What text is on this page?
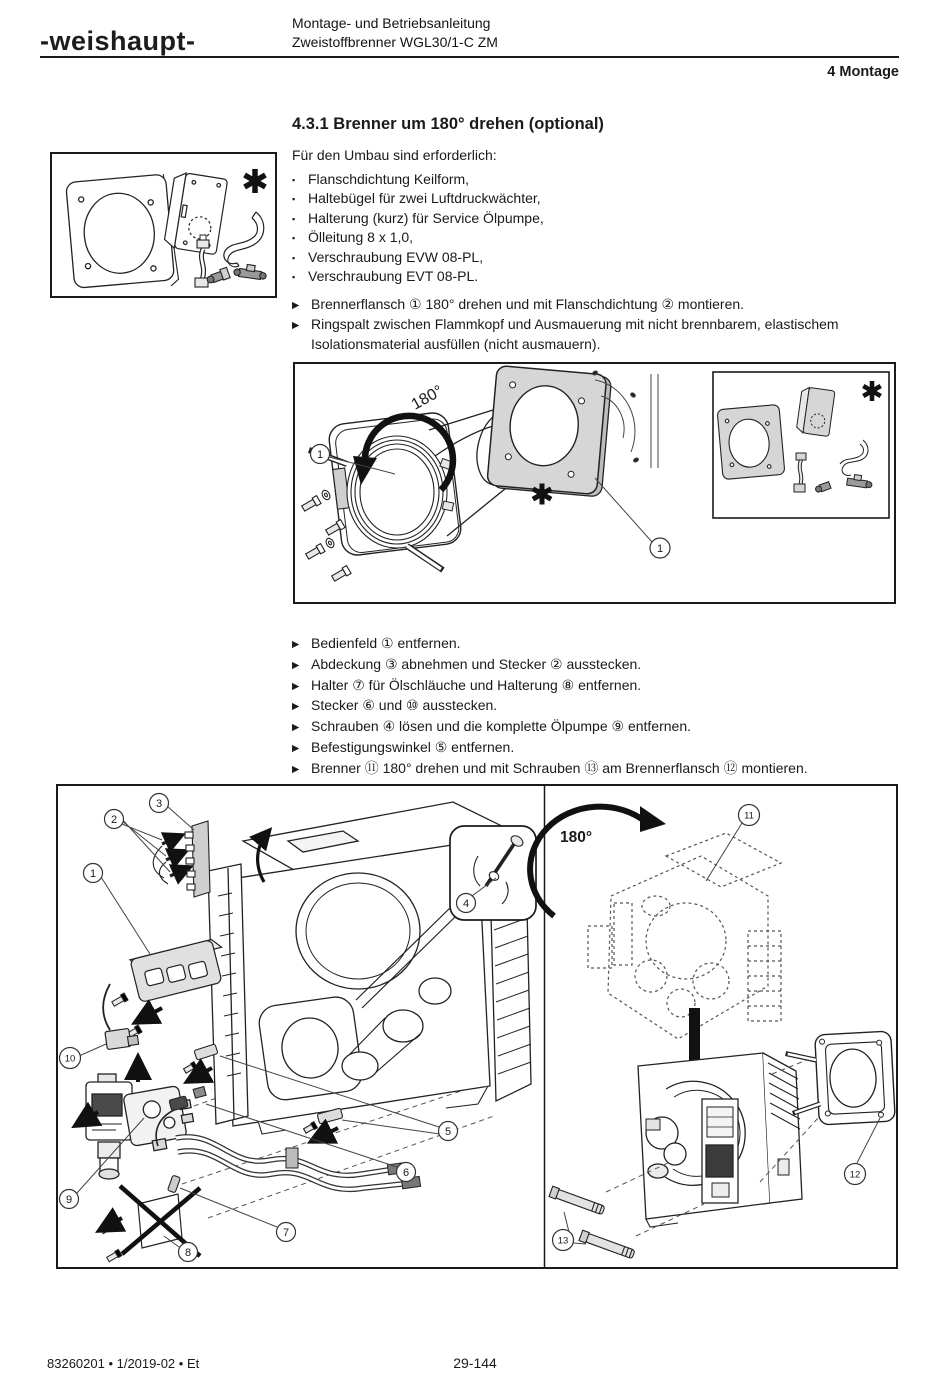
-weishaupt-
Montage- und Betriebsanleitung
Zweistoffbrenner WGL30/1-C ZM
4 Montage
4.3.1 Brenner um 180° drehen (optional)

Für den Umbau sind erforderlich:

▪ Flanschdichtung Keilform,
▪ Haltebügel für zwei Luftdruckwächter,
▪ Halterung (kurz) für Service Ölpumpe,
▪ Ölleitung 8 x 1,0,
▪ Verschraubung EVW 08-PL,
▪ Verschraubung EVT 08-PL.
▶ Brennerflansch ① 180° drehen und mit Flanschdichtung ② montieren.
▶ Ringspalt zwischen Flammkopf und Ausmauerung mit nicht brennbarem, elastischem Isolationsmaterial ausfüllen (nicht ausmauern).
180°
1
1
▶ Bedienfeld ① entfernen.
▶ Abdeckung ③ abnehmen und Stecker ② ausstecken.
▶ Halter ⑦ für Ölschläuche und Halterung ⑧ entfernen.
▶ Stecker ⑥ und ⑩ ausstecken.
▶ Schrauben ④ lösen und die komplette Ölpumpe ⑨ entfernen.
▶ Befestigungswinkel ⑤ entfernen.
▶ Brenner ⑪ 180° drehen und mit Schrauben ⑬ am Brennerflansch ⑫ montieren.
1
2
3
4
5
6
7
8
9
10
180°
11
12
13
83260201 • 1/2019-02 • Et	29-144
